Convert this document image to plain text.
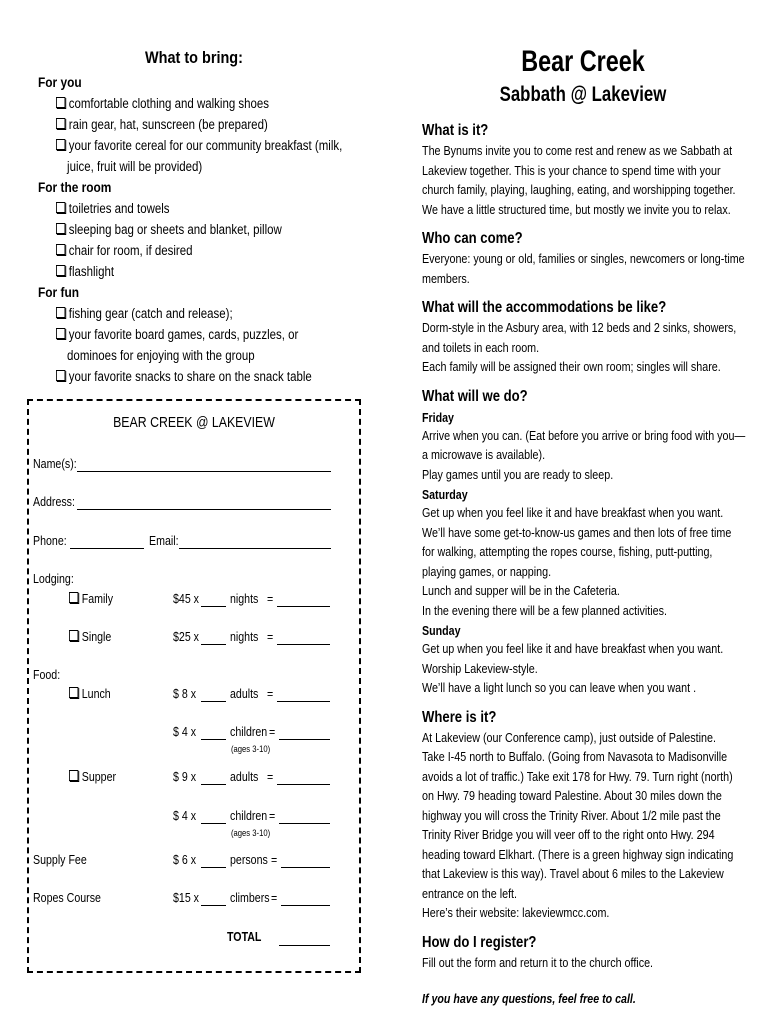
What to bring:
For you
comfortable clothing and walking shoes
rain gear, hat, sunscreen (be prepared)
your favorite cereal for our community breakfast (milk,
juice, fruit will be provided)
For the room
toiletries and towels
sleeping bag or sheets and blanket, pillow
chair for room, if desired
flashlight
For fun
fishing gear (catch and release);
your favorite board games, cards, puzzles, or
dominoes for enjoying with the group
your favorite snacks to share on the snack table
BEAR CREEK @ LAKEVIEW
Name(s):
Address:
Phone:	Email:
Lodging:
Family	$45 x nights =
Single	$25 x nights =
Food:
Lunch	$ 8 x	adults =
$ 4 x	children =
(ages 3-10)
Supper	$ 9 x	adults =
$ 4 x	children =
(ages 3-10)
Supply Fee	$ 6 x	persons =
Ropes Course	$15 x climbers =
TOTAL
Bear Creek
Sabbath @ Lakeview
What is it?
The Bynums invite you to come rest and renew as we Sabbath at Lakeview together. This is your chance to spend time with your church family, playing, laughing, eating, and worshipping together. We have a little structured time, but mostly we invite you to relax.
Who can come?
Everyone: young or old, families or singles, newcomers or long-time members.
What will the accommodations be like?
Dorm-style in the Asbury area, with 12 beds and 2 sinks, showers, and toilets in each room.
Each family will be assigned their own room; singles will share.
What will we do?
Friday
Arrive when you can. (Eat before you arrive or bring food with you—a microwave is available).
Play games until you are ready to sleep.
Saturday
Get up when you feel like it and have breakfast when you want.
We’ll have some get-to-know-us games and then lots of free time for walking, attempting the ropes course, fishing, putt-putting, playing games, or napping.
Lunch and supper will be in the Cafeteria.
In the evening there will be a few planned activities.
Sunday
Get up when you feel like it and have breakfast when you want.
Worship Lakeview-style.
We’ll have a light lunch so you can leave when you want .
Where is it?
At Lakeview (our Conference camp), just outside of Palestine.
Take I-45 north to Buffalo. (Going from Navasota to Madisonville avoids a lot of traffic.) Take exit 178 for Hwy. 79. Turn right (north) on Hwy. 79 heading toward Palestine. About 30 miles down the highway you will cross the Trinity River. About 1/2 mile past the Trinity River Bridge you will veer off to the right onto Hwy. 294 heading toward Elkhart. (There is a green highway sign indicating that Lakeview is this way). Travel about 6 miles to the Lakeview entrance on the left.
Here’s their website: lakeviewmcc.com.
How do I register?
Fill out the form and return it to the church office.
If you have any questions, feel free to call.
